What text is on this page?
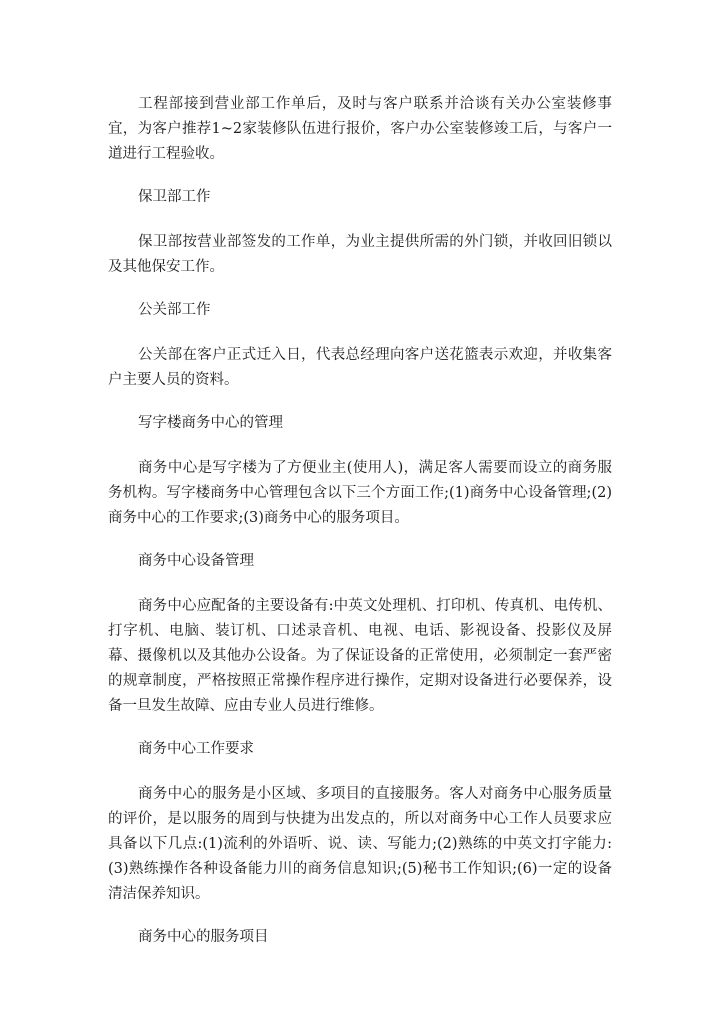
工程部接到营业部工作单后，及时与客户联系并洽谈有关办公室装修事宜，为客户推荐1~2家装修队伍进行报价，客户办公室装修竣工后，与客户一道进行工程验收。

保卫部工作

保卫部按营业部签发的工作单，为业主提供所需的外门锁，并收回旧锁以及其他保安工作。

公关部工作

公关部在客户正式迁入日，代表总经理向客户送花篮表示欢迎，并收集客户主要人员的资料。

写字楼商务中心的管理

商务中心是写字楼为了方便业主(使用人)，满足客人需要而设立的商务服务机构。写字楼商务中心管理包含以下三个方面工作;(1)商务中心设备管理;(2)商务中心的工作要求;(3)商务中心的服务项目。

商务中心设备管理

商务中心应配备的主要设备有:中英文处理机、打印机、传真机、电传机、打字机、电脑、装订机、口述录音机、电视、电话、影视设备、投影仪及屏幕、摄像机以及其他办公设备。为了保证设备的正常使用，必须制定一套严密的规章制度，严格按照正常操作程序进行操作，定期对设备进行必要保养，设备一旦发生故障、应由专业人员进行维修。

商务中心工作要求

商务中心的服务是小区域、多项目的直接服务。客人对商务中心服务质量的评价，是以服务的周到与快捷为出发点的，所以对商务中心工作人员要求应具备以下几点:(1)流利的外语听、说、读、写能力;(2)熟练的中英文打字能力:(3)熟练操作各种设备能力川的商务信息知识;(5)秘书工作知识;(6)一定的设备清洁保养知识。

商务中心的服务项目
